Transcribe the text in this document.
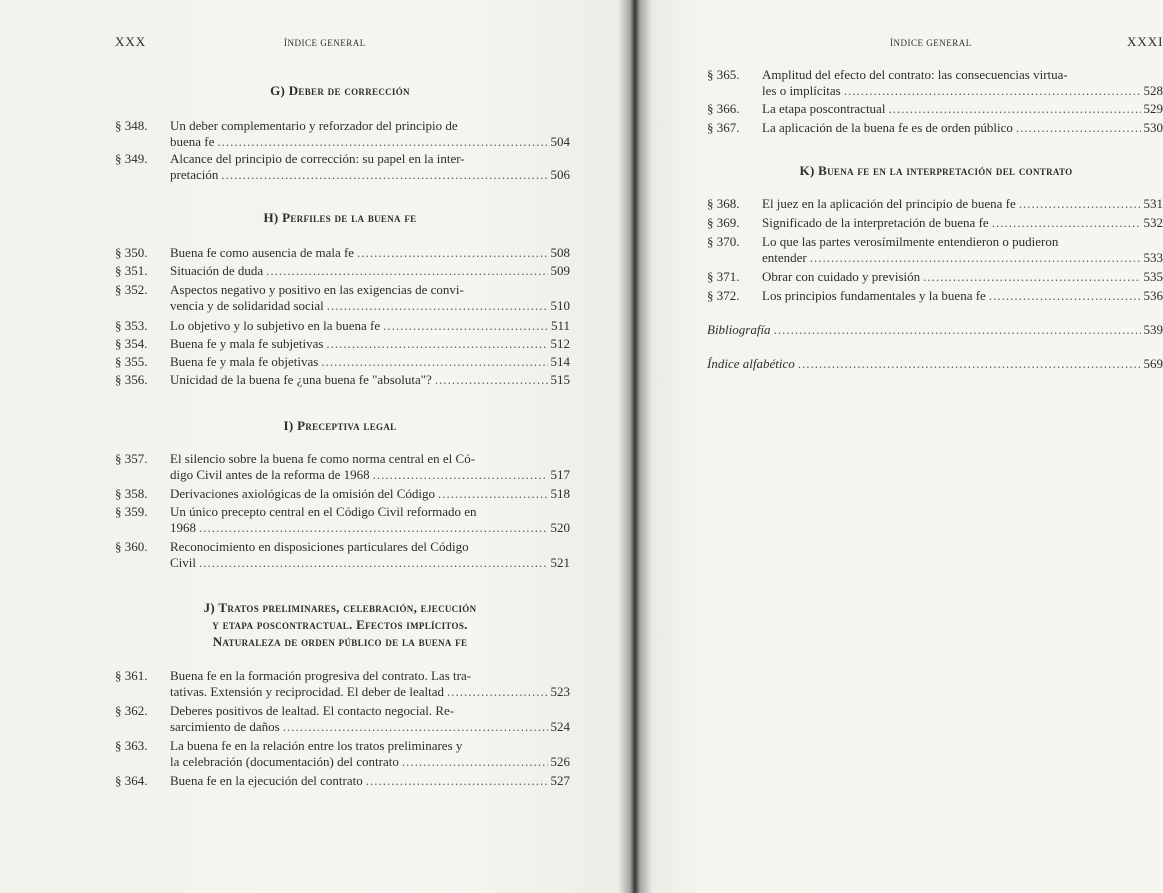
XXX	ÍNDICE GENERAL
G) Deber de corrección
§ 348.	Un deber complementario y reforzador del principio de
buena fe .....	504
§ 349.	Alcance del principio de corrección: su papel en la inter-
pretación .....	506
H) Perfiles de la buena fe
§ 350.	Buena fe como ausencia de mala fe .....	508
§ 351.	Situación de duda .....	509
§ 352.	Aspectos negativo y positivo en las exigencias de convi-
vencia y de solidaridad social .....	510
§ 353.	Lo objetivo y lo subjetivo en la buena fe .....	511
§ 354.	Buena fe y mala fe subjetivas .....	512
§ 355.	Buena fe y mala fe objetivas .....	514
§ 356.	Unicidad de la buena fe ¿una buena fe "absoluta"? .....	515
I) Preceptiva legal
§ 357.	El silencio sobre la buena fe como norma central en el Có-
digo Civil antes de la reforma de 1968 .....	517
§ 358.	Derivaciones axiológicas de la omisión del Código .....	518
§ 359.	Un único precepto central en el Código Civil reformado en
1968 .....	520
§ 360.	Reconocimiento en disposiciones particulares del Código
Civil .....	521
J) Tratos preliminares, celebración, ejecución
y etapa poscontractual. Efectos implícitos.
Naturaleza de orden público de la buena fe
§ 361.	Buena fe en la formación progresiva del contrato. Las tra-
tativas. Extensión y reciprocidad. El deber de lealtad .....	523
§ 362.	Deberes positivos de lealtad. El contacto negocial. Re-
sarcimiento de daños .....	524
§ 363.	La buena fe en la relación entre los tratos preliminares y
la celebración (documentación) del contrato .....	526
§ 364.	Buena fe en la ejecución del contrato .....	527
ÍNDICE GENERAL	XXXI
§ 365.	Amplitud del efecto del contrato: las consecuencias virtua-
les o implícitas .....	528
§ 366.	La etapa poscontractual .....	529
§ 367.	La aplicación de la buena fe es de orden público .....	530
K) Buena fe en la interpretación del contrato
§ 368.	El juez en la aplicación del principio de buena fe .....	531
§ 369.	Significado de la interpretación de buena fe .....	532
§ 370.	Lo que las partes verosímilmente entendieron o pudieron
entender .....	533
§ 371.	Obrar con cuidado y previsión .....	535
§ 372.	Los principios fundamentales y la buena fe .....	536
Bibliografía .....	539
Índice alfabético .....	569
